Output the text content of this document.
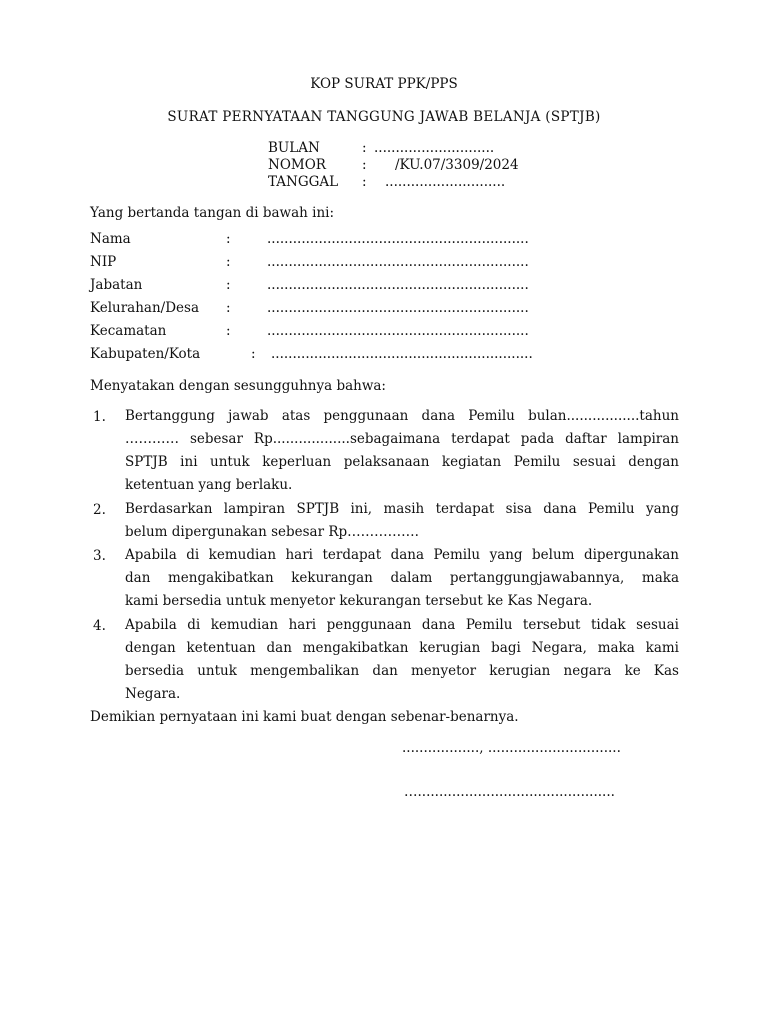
KOP SURAT PPK/PPS
SURAT PERNYATAAN TANGGUNG JAWAB BELANJA (SPTJB)
BULAN	: ............................
NOMOR	: /KU.07/3309/2024
TANGGAL : ............................
Yang bertanda tangan di bawah ini:
Nama	:	.............................................................
NIP	:	.............................................................
Jabatan	:	.............................................................
Kelurahan/Desa :	.............................................................
Kecamatan	:	.............................................................
Kabupaten/Kota	: .............................................................
Menyatakan dengan sesungguhnya bahwa:
1. Bertanggung jawab atas penggunaan dana Pemilu bulan.................tahun
………… sebesar Rp..................sebagaimana terdapat pada daftar lampiran
SPTJB ini untuk keperluan pelaksanaan kegiatan Pemilu sesuai dengan
ketentuan yang berlaku.
2. Berdasarkan lampiran SPTJB ini, masih terdapat sisa dana Pemilu yang
belum dipergunakan sebesar Rp…………….
3. Apabila di kemudian hari terdapat dana Pemilu yang belum dipergunakan
dan mengakibatkan kekurangan dalam pertanggungjawabannya, maka
kami bersedia untuk menyetor kekurangan tersebut ke Kas Negara.
4. Apabila di kemudian hari penggunaan dana Pemilu tersebut tidak sesuai
dengan ketentuan dan mengakibatkan kerugian bagi Negara, maka kami
bersedia untuk mengembalikan dan menyetor kerugian negara ke Kas
Negara.
Demikian pernyataan ini kami buat dengan sebenar-benarnya.
.................., ...............................
…..............................................
